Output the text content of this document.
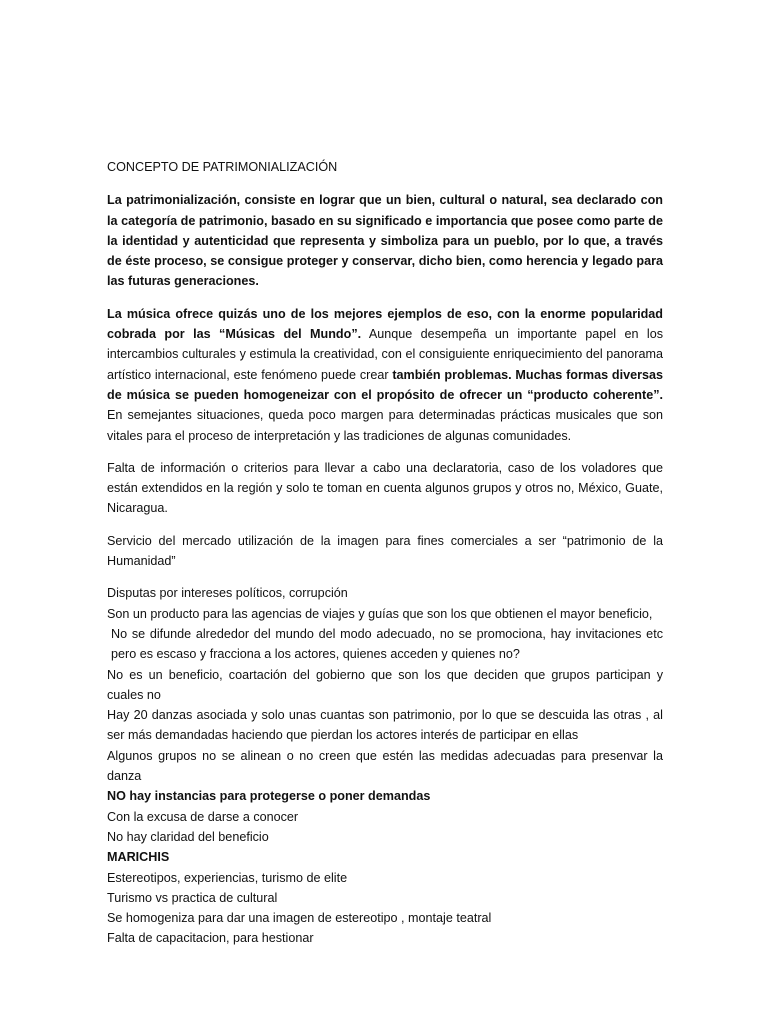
CONCEPTO DE PATRIMONIALIZACIÓN

La patrimonialización, consiste en lograr que un bien, cultural o natural, sea declarado con la categoría de patrimonio, basado en su significado e importancia que posee como parte de la identidad y autenticidad que representa y simboliza para un pueblo, por lo que, a través de éste proceso, se consigue proteger y conservar, dicho bien, como herencia y legado para las futuras generaciones.

La música ofrece quizás uno de los mejores ejemplos de eso, con la enorme popularidad cobrada por las “Músicas del Mundo”. Aunque desempeña un importante papel en los intercambios culturales y estimula la creatividad, con el consiguiente enriquecimiento del panorama artístico internacional, este fenómeno puede crear también problemas. Muchas formas diversas de música se pueden homogeneizar con el propósito de ofrecer un “producto coherente”. En semejantes situaciones, queda poco margen para determinadas prácticas musicales que son vitales para el proceso de interpretación y las tradiciones de algunas comunidades.

Falta de información o criterios para llevar a cabo una declaratoria, caso de los voladores que están extendidos en la región y solo te toman en cuenta algunos grupos y otros no, México, Guate, Nicaragua.

Servicio del mercado utilización de la imagen para fines comerciales a ser “patrimonio de la Humanidad”

Disputas por intereses políticos, corrupción
Son un producto para las agencias de viajes y guías que son los que obtienen el mayor beneficio,
No se difunde alrededor del mundo del modo adecuado, no se promociona, hay invitaciones etc pero es escaso y fracciona a los actores, quienes acceden y quienes no?
No es un beneficio, coartación del gobierno que son los que deciden que grupos participan y cuales no
Hay 20 danzas asociada y solo unas cuantas son patrimonio, por lo que se descuida las otras , al ser más demandadas haciendo que pierdan los actores interés de participar en ellas
Algunos grupos no se alinean o no creen que estén las medidas adecuadas para presenvar la danza
NO hay instancias para protegerse o poner demandas
Con la excusa de darse a conocer
No hay claridad del beneficio
MARICHIS
Estereotipos, experiencias, turismo de elite
Turismo vs practica de cultural
Se homogeniza para dar una imagen de estereotipo , montaje teatral
Falta de capacitacion, para hestionar
